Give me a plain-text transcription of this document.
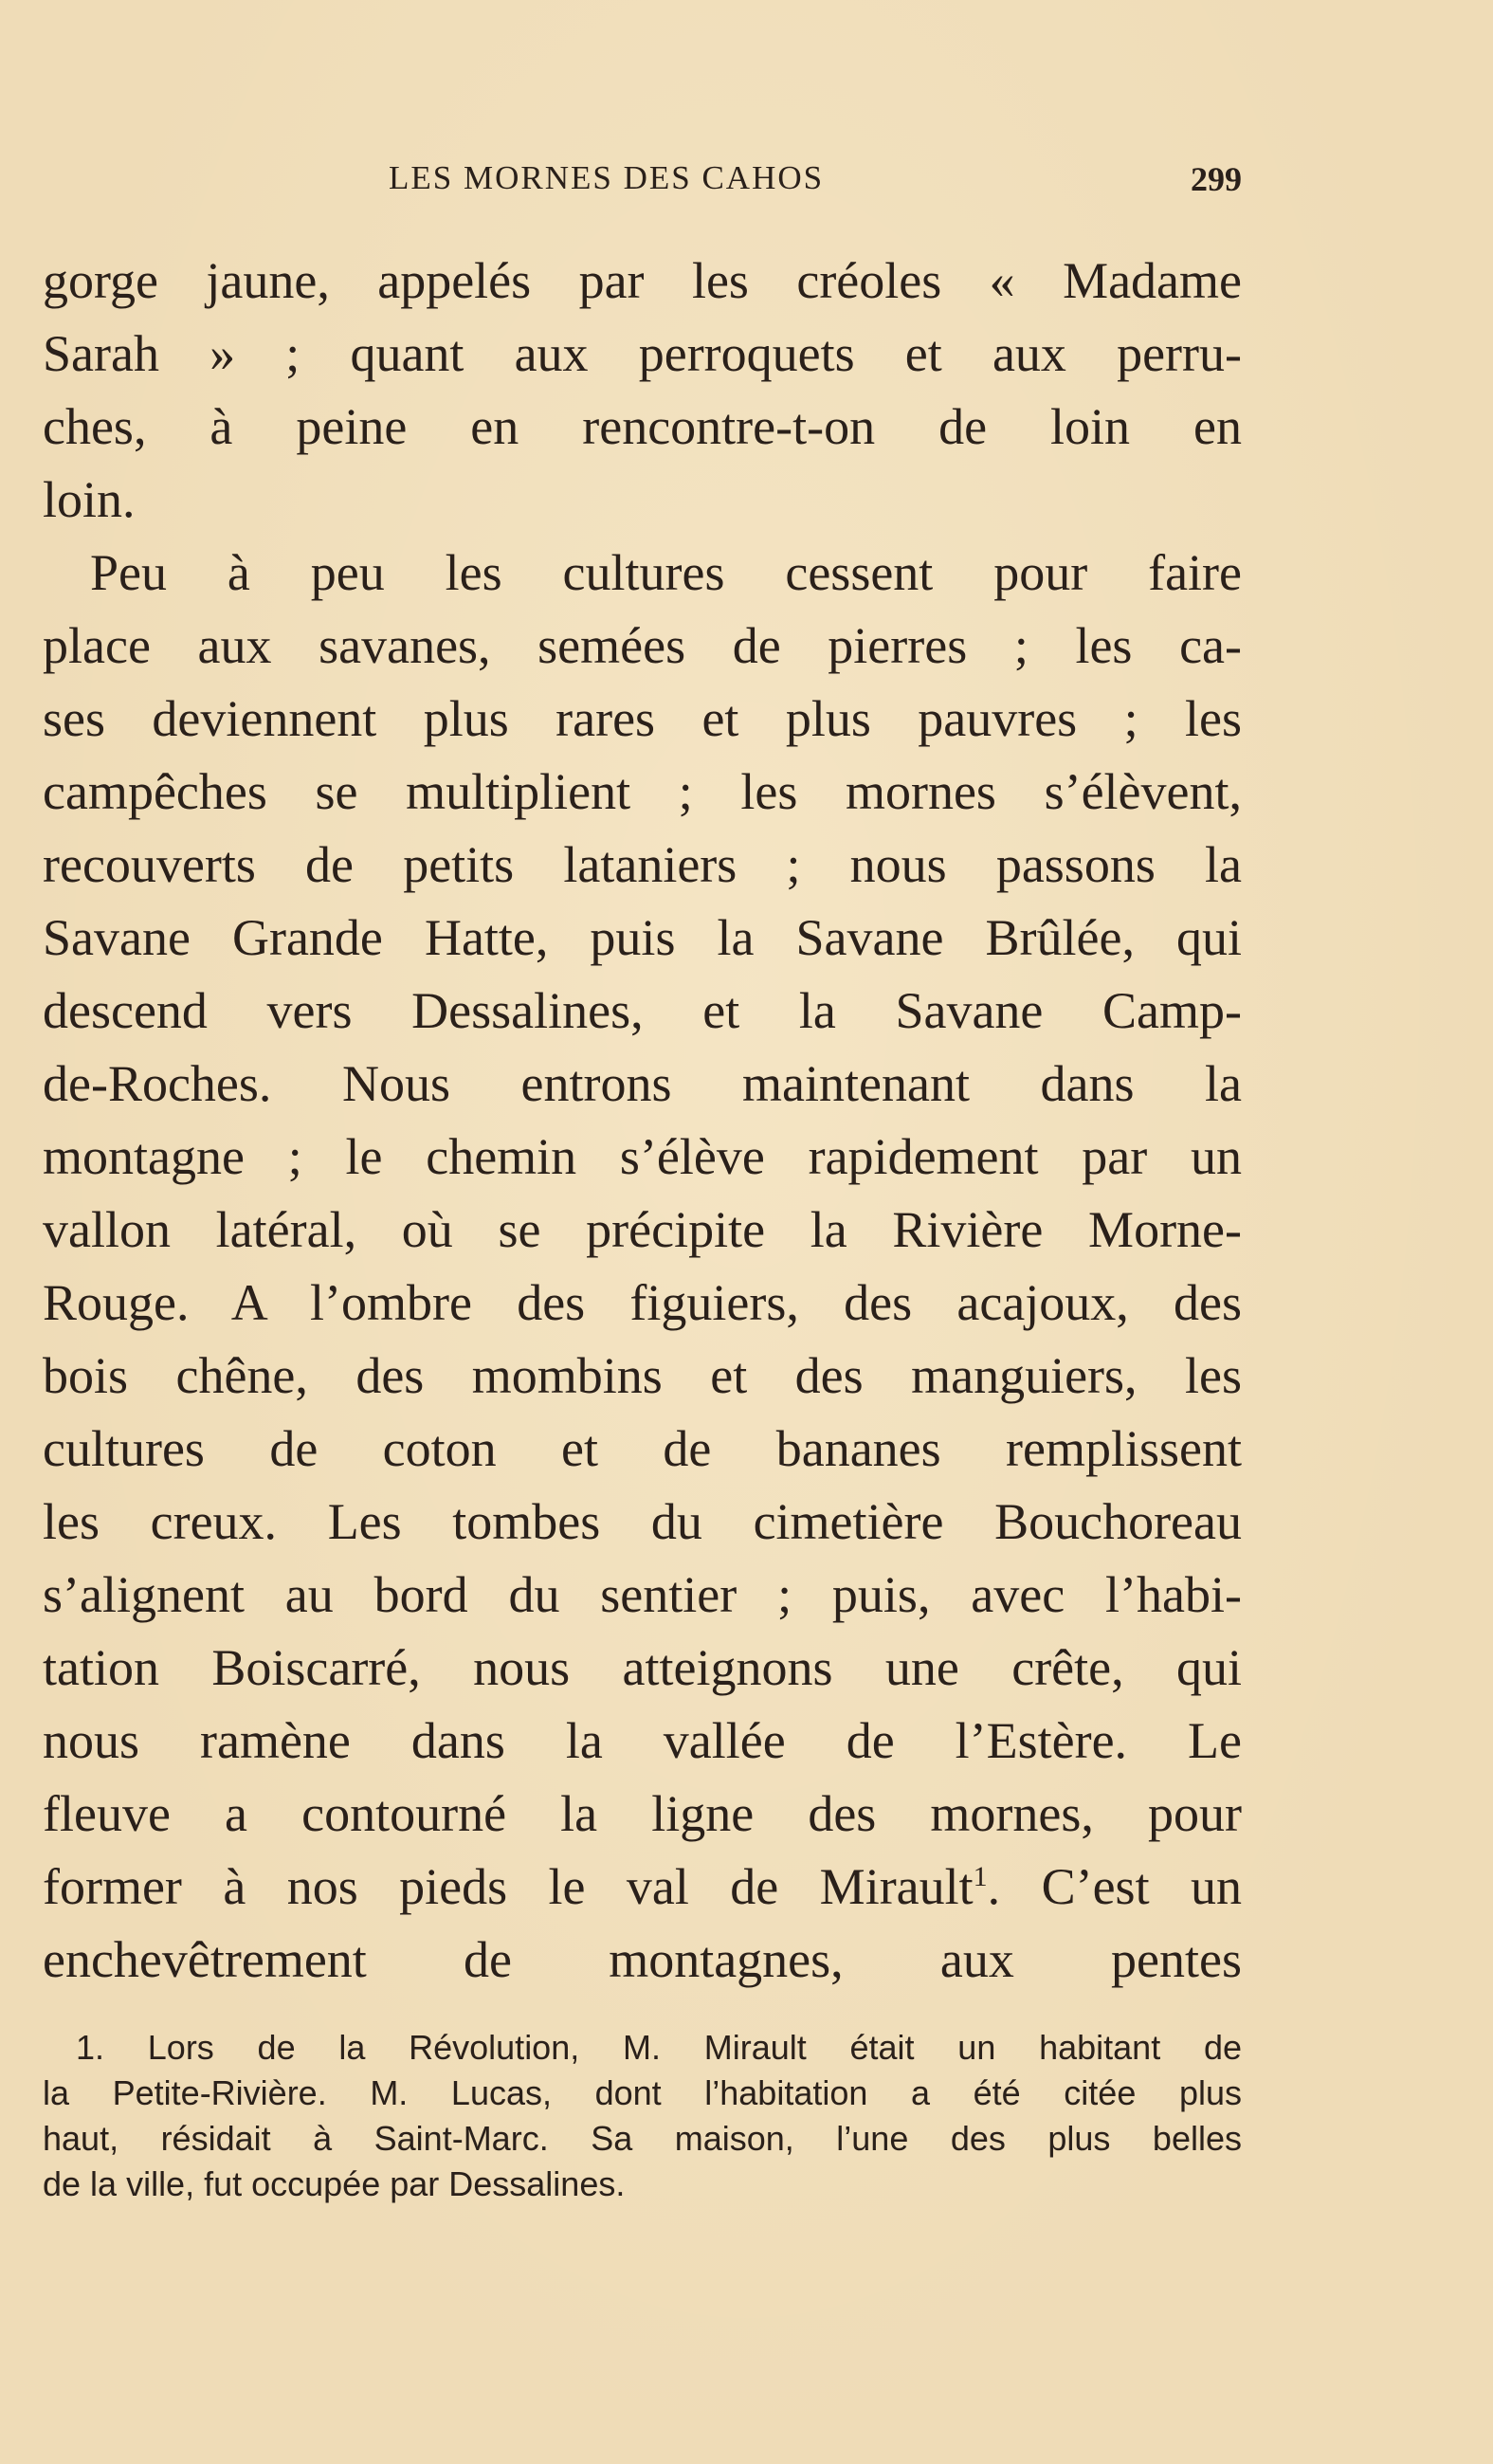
LES MORNES DES CAHOS	299

gorge jaune, appelés par les créoles « Madame

Sarah » ; quant aux perroquets et aux perru-

ches, à peine en rencontre-t-on de loin en

loin.

Peu à peu les cultures cessent pour faire

place aux savanes, semées de pierres ; les ca-

ses deviennent plus rares et plus pauvres ; les

campêches se multiplient ; les mornes s’élèvent,

recouverts de petits lataniers ; nous passons la

Savane Grande Hatte, puis la Savane Brûlée, qui

descend vers Dessalines, et la Savane Camp-

de-Roches. Nous entrons maintenant dans la

montagne ; le chemin s’élève rapidement par un

vallon latéral, où se précipite la Rivière Morne-

Rouge. A l’ombre des figuiers, des acajoux, des

bois chêne, des mombins et des manguiers, les

cultures de coton et de bananes remplissent

les creux. Les tombes du cimetière Bouchoreau

s’alignent au bord du sentier ; puis, avec l’habi-

tation Boiscarré, nous atteignons une crête, qui

nous ramène dans la vallée de l’Estère. Le

fleuve a contourné la ligne des mornes, pour

former à nos pieds le val de Mirault$^1$. C’est un

enchevêtrement de montagnes, aux pentes

1. Lors de la Révolution, M. Mirault était un habitant de

la Petite-Rivière. M. Lucas, dont l’habitation a été citée plus

haut, résidait à Saint-Marc. Sa maison, l’une des plus belles

de la ville, fut occupée par Dessalines.
